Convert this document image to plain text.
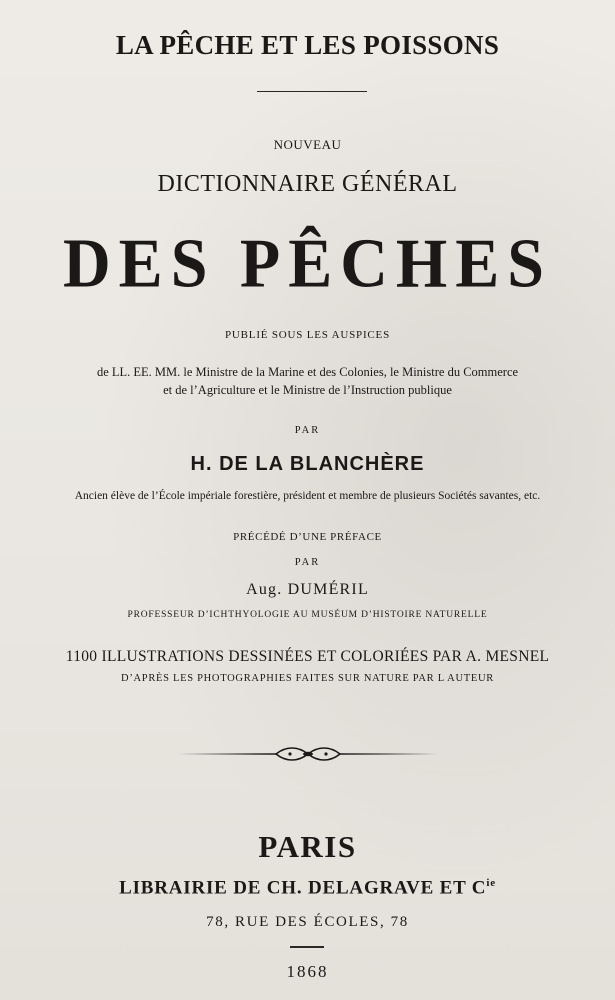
LA PÊCHE ET LES POISSONS
NOUVEAU
DICTIONNAIRE GÉNÉRAL
DES PÊCHES
PUBLIÉ SOUS LES AUSPICES
de LL. EE. MM. le Ministre de la Marine et des Colonies, le Ministre du Commerce
et de l’Agriculture et le Ministre de l’Instruction publique
PAR
H. DE LA BLANCHÈRE
Ancien élève de l’École impériale forestière, président et membre de plusieurs Sociétés savantes, etc.
PRÉCÉDÉ D’UNE PRÉFACE
PAR
Aug. DUMÉRIL
PROFESSEUR D’ICHTHYOLOGIE AU MUSÉUM D’HISTOIRE NATURELLE
1100 ILLUSTRATIONS DESSINÉES ET COLORIÉES PAR A. MESNEL
D’APRÈS LES PHOTOGRAPHIES FAITES SUR NATURE PAR L AUTEUR
PARIS
LIBRAIRIE DE CH. DELAGRAVE ET $C^{ie}$
78, RUE DES ÉCOLES, 78
1868
